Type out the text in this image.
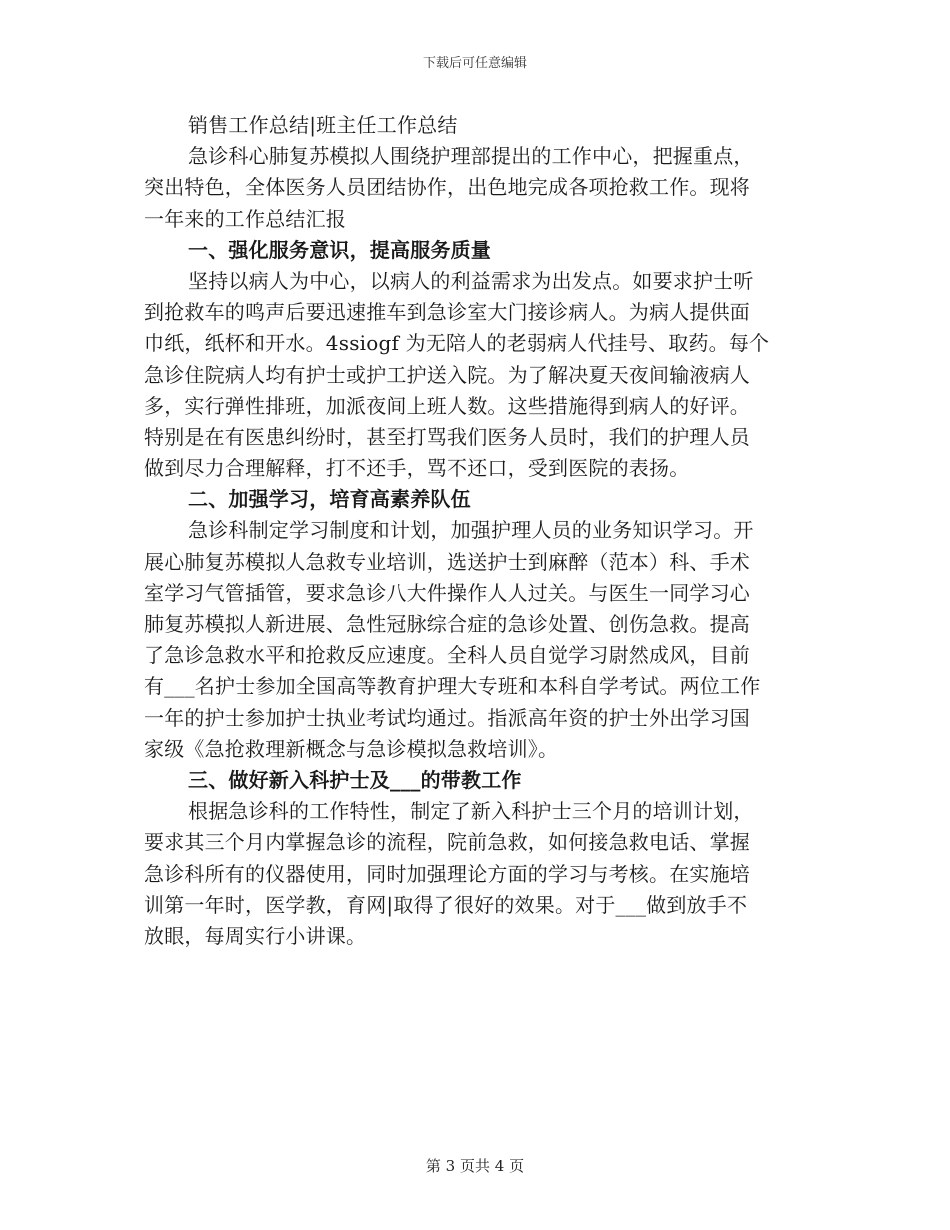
下载后可任意编辑
销售工作总结|班主任工作总结
急诊科心肺复苏模拟人围绕护理部提出的工作中心，把握重点，
突出特色，全体医务人员团结协作，出色地完成各项抢救工作。现将
一年来的工作总结汇报
一、强化服务意识，提高服务质量
坚持以病人为中心，以病人的利益需求为出发点。如要求护士听
到抢救车的鸣声后要迅速推车到急诊室大门接诊病人。为病人提供面
巾纸，纸杯和开水。4ssiogf 为无陪人的老弱病人代挂号、取药。每个
急诊住院病人均有护士或护工护送入院。为了解决夏天夜间输液病人
多，实行弹性排班，加派夜间上班人数。这些措施得到病人的好评。
特别是在有医患纠纷时，甚至打骂我们医务人员时，我们的护理人员
做到尽力合理解释，打不还手，骂不还口，受到医院的表扬。
二、加强学习，培育高素养队伍
急诊科制定学习制度和计划，加强护理人员的业务知识学习。开
展心肺复苏模拟人急救专业培训，选送护士到麻醉（范本）科、手术
室学习气管插管，要求急诊八大件操作人人过关。与医生一同学习心
肺复苏模拟人新进展、急性冠脉综合症的急诊处置、创伤急救。提高
了急诊急救水平和抢救反应速度。全科人员自觉学习尉然成风，目前
有___名护士参加全国高等教育护理大专班和本科自学考试。两位工作
一年的护士参加护士执业考试均通过。指派高年资的护士外出学习国
家级《急抢救理新概念与急诊模拟急救培训》。
三、做好新入科护士及___的带教工作
根据急诊科的工作特性，制定了新入科护士三个月的培训计划，
要求其三个月内掌握急诊的流程，院前急救，如何接急救电话、掌握
急诊科所有的仪器使用，同时加强理论方面的学习与考核。在实施培
训第一年时，医学教，育网|取得了很好的效果。对于___做到放手不
放眼，每周实行小讲课。
第 3 页共 4 页
